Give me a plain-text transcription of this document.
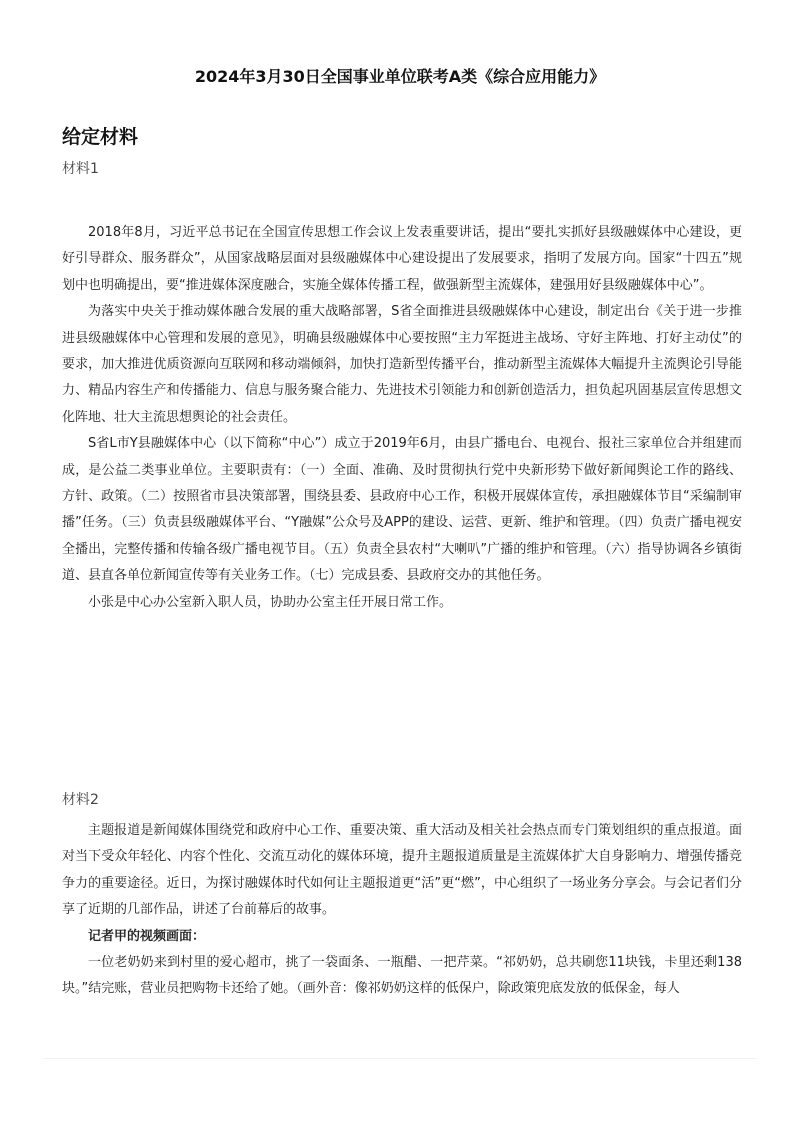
2024年3月30日全国事业单位联考A类《综合应用能力》
给定材料
材料1

2018年8月，习近平总书记在全国宣传思想工作会议上发表重要讲话，提出“要扎实抓好县级融媒体中心建设，更好引导群众、服务群众”，从国家战略层面对县级融媒体中心建设提出了发展要求，指明了发展方向。国家“十四五”规划中也明确提出，要“推进媒体深度融合，实施全媒体传播工程，做强新型主流媒体，建强用好县级融媒体中心”。

为落实中央关于推动媒体融合发展的重大战略部署，S省全面推进县级融媒体中心建设，制定出台《关于进一步推进县级融媒体中心管理和发展的意见》，明确县级融媒体中心要按照“主力军挺进主战场、守好主阵地、打好主动仗”的要求，加大推进优质资源向互联网和移动端倾斜，加快打造新型传播平台，推动新型主流媒体大幅提升主流舆论引导能力、精品内容生产和传播能力、信息与服务聚合能力、先进技术引领能力和创新创造活力，担负起巩固基层宣传思想文化阵地、壮大主流思想舆论的社会责任。

S省L市Y县融媒体中心（以下简称“中心”）成立于2019年6月，由县广播电台、电视台、报社三家单位合并组建而成，是公益二类事业单位。主要职责有：（一）全面、准确、及时贯彻执行党中央新形势下做好新闻舆论工作的路线、方针、政策。（二）按照省市县决策部署，围绕县委、县政府中心工作，积极开展媒体宣传，承担融媒体节目“采编制审播”任务。（三）负责县级融媒体平台、“Y融媒”公众号及APP的建设、运营、更新、维护和管理。（四）负责广播电视安全播出，完整传播和传输各级广播电视节目。（五）负责全县农村“大喇叭”广播的维护和管理。（六）指导协调各乡镇街道、县直各单位新闻宣传等有关业务工作。（七）完成县委、县政府交办的其他任务。

小张是中心办公室新入职人员，协助办公室主任开展日常工作。

材料2

主题报道是新闻媒体围绕党和政府中心工作、重要决策、重大活动及相关社会热点而专门策划组织的重点报道。面对当下受众年轻化、内容个性化、交流互动化的媒体环境，提升主题报道质量是主流媒体扩大自身影响力、增强传播竞争力的重要途径。近日，为探讨融媒体时代如何让主题报道更“活”更“燃”，中心组织了一场业务分享会。与会记者们分享了近期的几部作品，讲述了台前幕后的故事。

记者甲的视频画面：

一位老奶奶来到村里的爱心超市，挑了一袋面条、一瓶醋、一把芹菜。“祁奶奶，总共刷您11块钱，卡里还剩138块。”结完账，营业员把购物卡还给了她。（画外音：像祁奶奶这样的低保户，除政策兜底发放的低保金，每人
